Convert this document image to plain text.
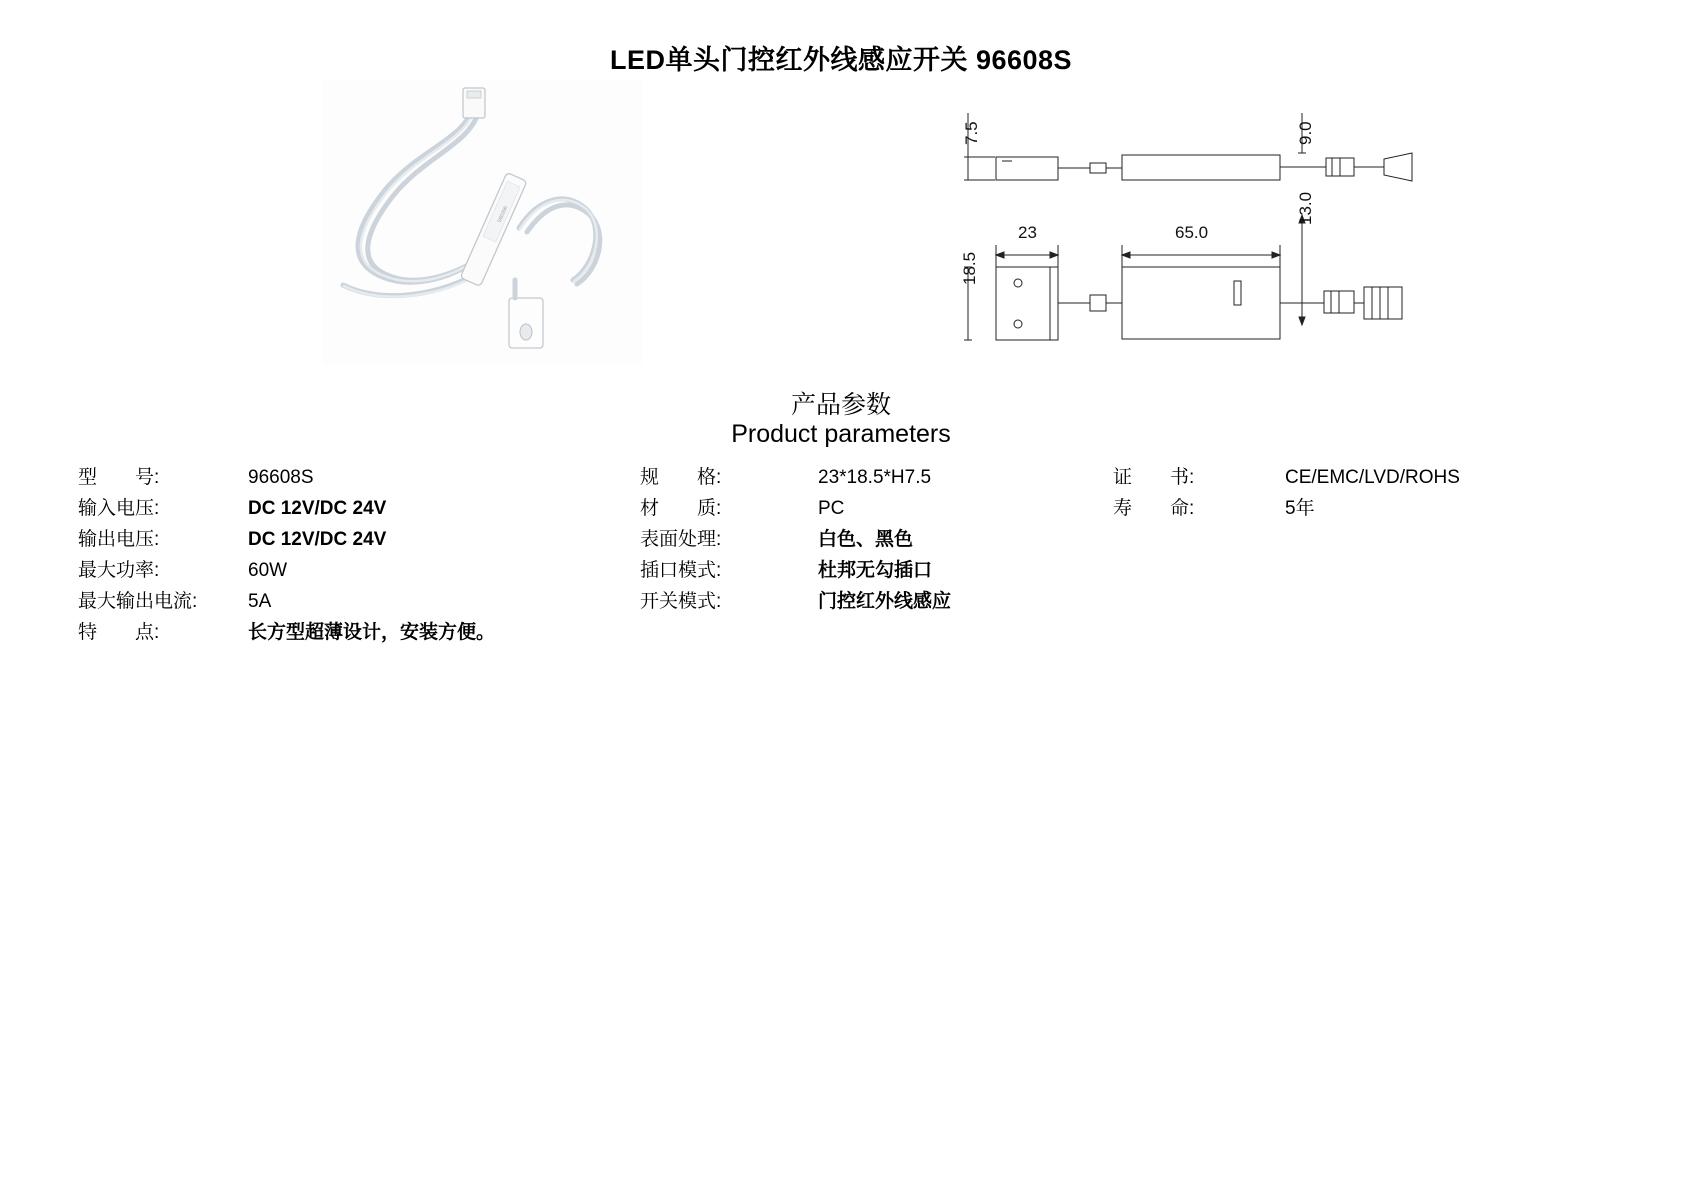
LED单头门控红外线感应开关 96608S
96608S
7.5	9.0
23	65.0
13.0
18.5
产品参数
Product parameters
型　　号:	96608S
输入电压:	DC 12V/DC 24V
输出电压:	DC 12V/DC 24V
最大功率:	60W
最大输出电流:	5A
特　　点:	长方型超薄设计，安装方便。
规　　格:	23*18.5*H7.5
材　　质:	PC
表面处理:	白色、黑色
插口模式:	杜邦无勾插口
开关模式:	门控红外线感应
证　　书:	CE/EMC/LVD/ROHS
寿　　命:	5年
